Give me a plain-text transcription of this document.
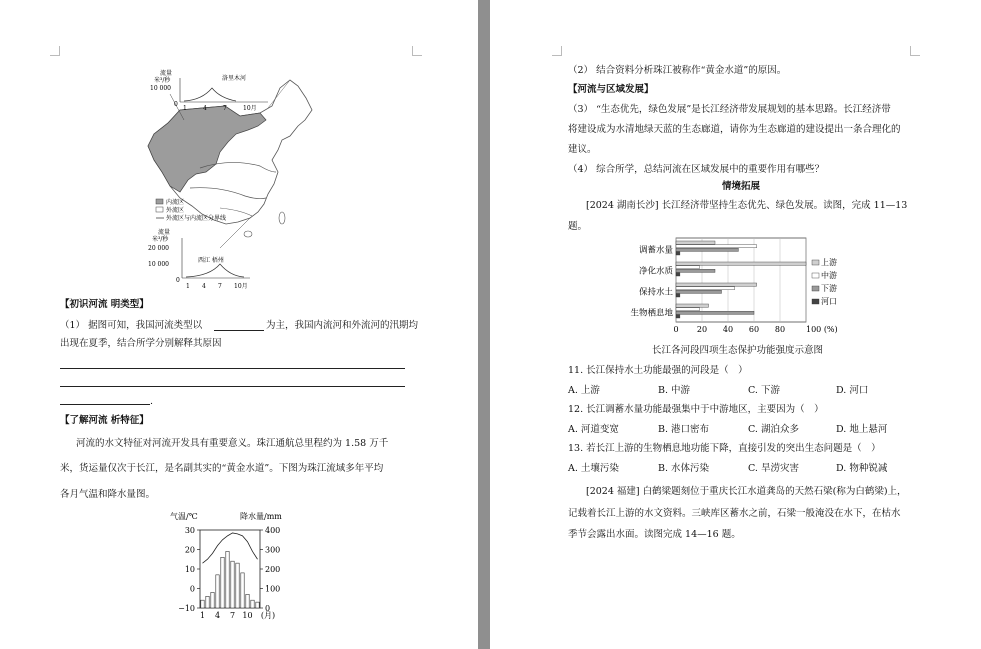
流量
米³/秒
10 000
洛里木河
0
1	4	7	10月
内流区
外流区
外流区与内流区分界线
流量
米³/秒
20 000
10 000
西江 梧州
0
1 4 7 10月
【初识河流 明类型】
（1） 据图可知，我国河流类型以	为主，我国内流河和外流河的汛期均
出现在夏季，结合所学分别解释其原因
.
【了解河流 析特征】
河流的水文特征对河流开发具有重要意义。珠江通航总里程约为 1.58 万千
米，货运量仅次于长江，是名副其实的“黄金水道”。下图为珠江流域多年平均
各月气温和降水量图。
气温/℃	降水量/mm
30
20
10
0
−10
400
300
200
100
0
1 4 7 10 (月)
（2） 结合资料分析珠江被称作“黄金水道”的原因。
【河流与区域发展】
（3） “生态优先，绿色发展”是长江经济带发展规划的基本思路。长江经济带
将建设成为水清地绿天蓝的生态廊道，请你为生态廊道的建设提出一条合理化的
建议。
（4） 综合所学，总结河流在区域发展中的重要作用有哪些？
情境拓展
[2024 湖南长沙] 长江经济带坚持生态优先、绿色发展。读图，完成 11—13
题。
0 20 40 60 80	100 (%)
调蓄水量
净化水质
保持水土
生物栖息地
上游
中游
下游
河口
长江各河段四项生态保护功能强度示意图
11. 长江保持水土功能最强的河段是（　）
A. 上游	B. 中游	C. 下游	D. 河口
12. 长江调蓄水量功能最强集中于中游地区，主要因为（　）
A. 河道变宽	B. 港口密布	C. 湖泊众多	D. 地上悬河
13. 若长江上游的生物栖息地功能下降，直接引发的突出生态问题是（　）
A. 土壤污染	B. 水体污染	C. 旱涝灾害	D. 物种锐减
[2024 福建] 白鹤梁题刻位于重庆长江水道龚岛的天然石梁(称为白鹤梁)上，
记载着长江上游的水文资料。三峡库区蓄水之前，石梁一般淹没在水下，在枯水
季节会露出水面。读图完成 14—16 题。
